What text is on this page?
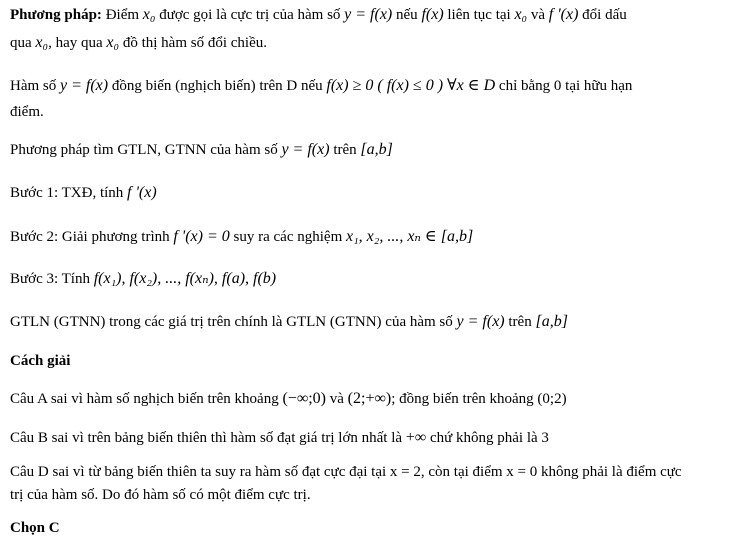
Phương pháp: Điểm x₀ được gọi là cực trị của hàm số y = f(x) nếu f(x) liên tục tại x₀ và f '(x) đổi dấu
qua x₀, hay qua x₀ đồ thị hàm số đổi chiều.
Hàm số y = f(x) đồng biến (nghịch biến) trên D nếu f(x) ≥ 0 ( f(x) ≤ 0 ) ∀x ∈ D chỉ bằng 0 tại hữu hạn
điểm.
Phương pháp tìm GTLN, GTNN của hàm số y = f(x) trên [a,b]
Bước 1: TXĐ, tính f '(x)
Bước 2: Giải phương trình f '(x) = 0 suy ra các nghiệm x₁, x₂, ..., xₙ ∈ [a,b]
Bước 3: Tính f(x₁), f(x₂), ..., f(xₙ), f(a), f(b)
GTLN (GTNN) trong các giá trị trên chính là GTLN (GTNN) của hàm số y = f(x) trên [a,b]
Cách giải
Câu A sai vì hàm số nghịch biến trên khoảng (−∞;0) và (2;+∞); đồng biến trên khoảng (0;2)
Câu B sai vì trên bảng biến thiên thì hàm số đạt giá trị lớn nhất là +∞ chứ không phải là 3
Câu D sai vì từ bảng biến thiên ta suy ra hàm số đạt cực đại tại x = 2, còn tại điểm x = 0 không phải là điểm cực
trị của hàm số. Do đó hàm số có một điểm cực trị.
Chọn C
